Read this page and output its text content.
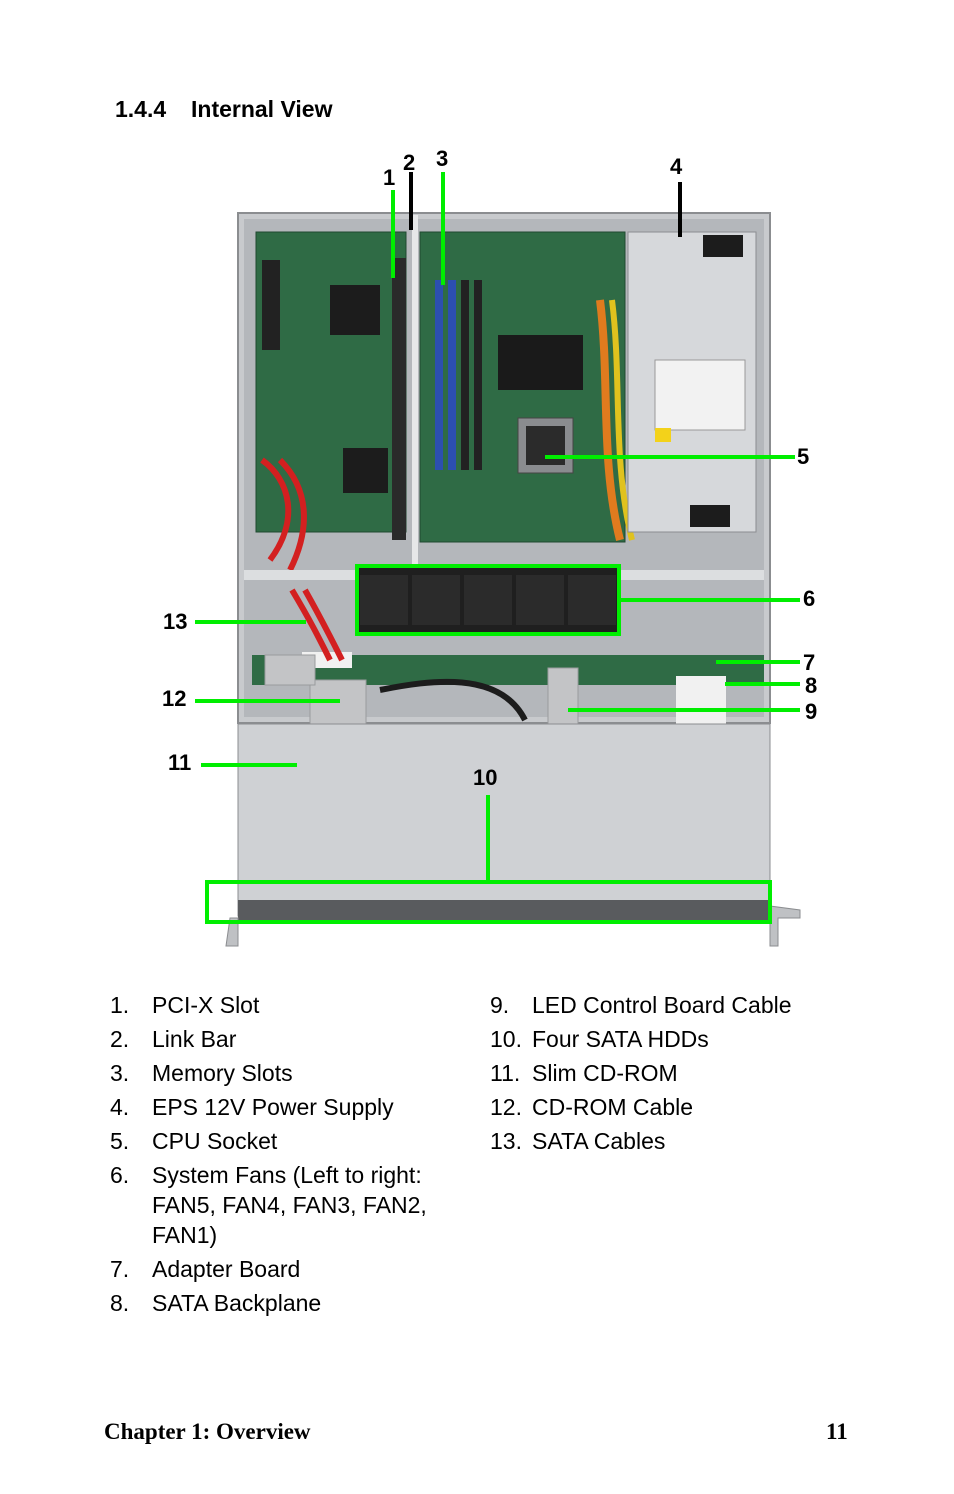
1.4.4 Internal View
1
2 3	4
5
6
7
8
9
10
11
12
13
1. PCI-X Slot
2. Link Bar
3. Memory Slots
4. EPS 12V Power Supply
5. CPU Socket
6. System Fans (Left to right: FAN5, FAN4, FAN3, FAN2, FAN1)
7. Adapter Board
8. SATA Backplane
9. LED Control Board Cable
10. Four SATA HDDs
11. Slim CD-ROM
12. CD-ROM Cable
13. SATA Cables
Chapter 1: Overview	11
